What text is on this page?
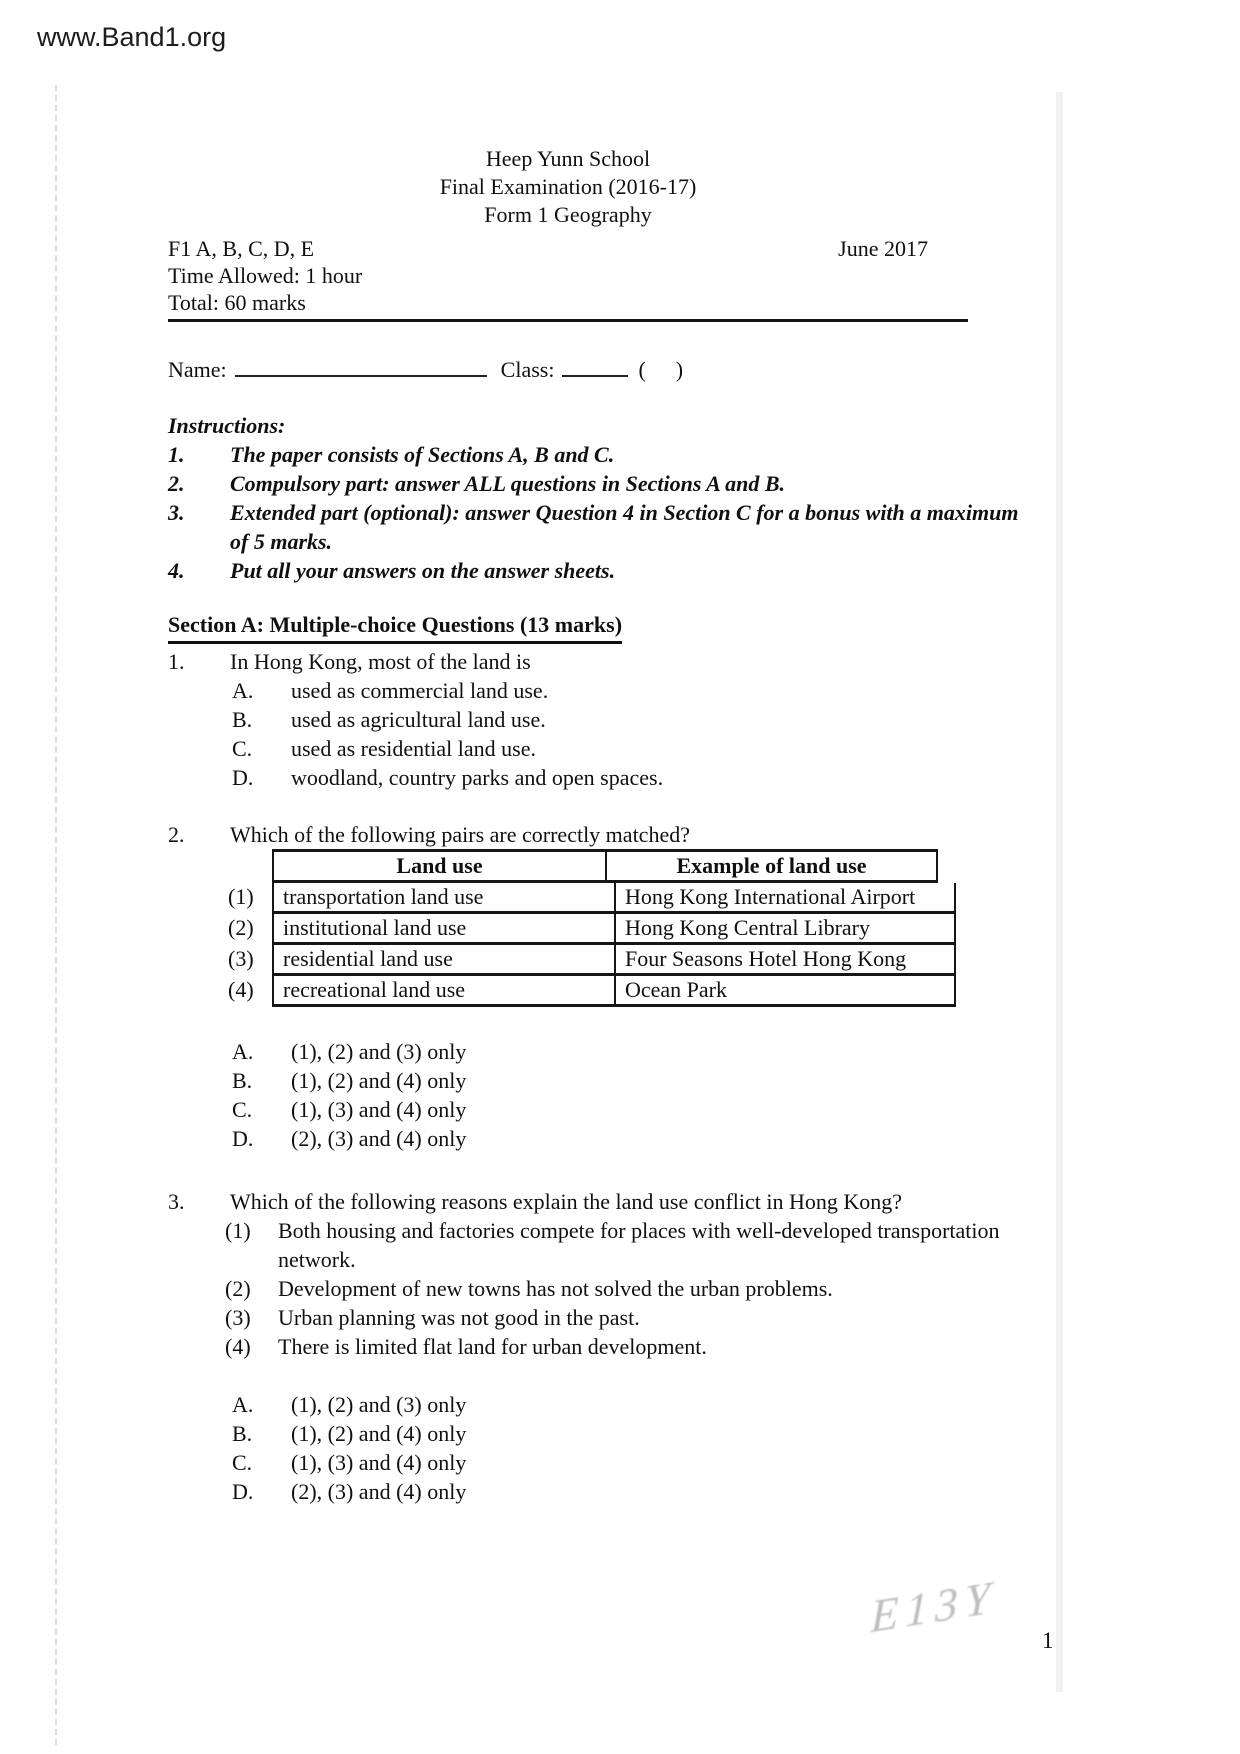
www.Band1.org
Heep Yunn School
Final Examination (2016-17)
Form 1 Geography
F1 A, B, C, D, E
Time Allowed: 1 hour
Total: 60 marks
June 2017
Name:	Class:	( )
Instructions:
1.	The paper consists of Sections A, B and C.
2.	Compulsory part: answer ALL questions in Sections A and B.
3.	Extended part (optional): answer Question 4 in Section C for a bonus with a maximum of 5 marks.
4.	Put all your answers on the answer sheets.
Section A: Multiple-choice Questions (13 marks)
1.	In Hong Kong, most of the land is
A.	used as commercial land use.
B.	used as agricultural land use.
C.	used as residential land use.
D.	woodland, country parks and open spaces.
2.	Which of the following pairs are correctly matched?
Land use	Example of land use
(1)	transportation land use	Hong Kong International Airport
(2)	institutional land use	Hong Kong Central Library
(3)	residential land use	Four Seasons Hotel Hong Kong
(4)	recreational land use	Ocean Park
A.	(1), (2) and (3) only
B.	(1), (2) and (4) only
C.	(1), (3) and (4) only
D.	(2), (3) and (4) only
3.	Which of the following reasons explain the land use conflict in Hong Kong?
(1)	Both housing and factories compete for places with well-developed transportation network.
(2)	Development of new towns has not solved the urban problems.
(3)	Urban planning was not good in the past.
(4)	There is limited flat land for urban development.
A.	(1), (2) and (3) only
B.	(1), (2) and (4) only
C.	(1), (3) and (4) only
D.	(2), (3) and (4) only
E13Y 1
